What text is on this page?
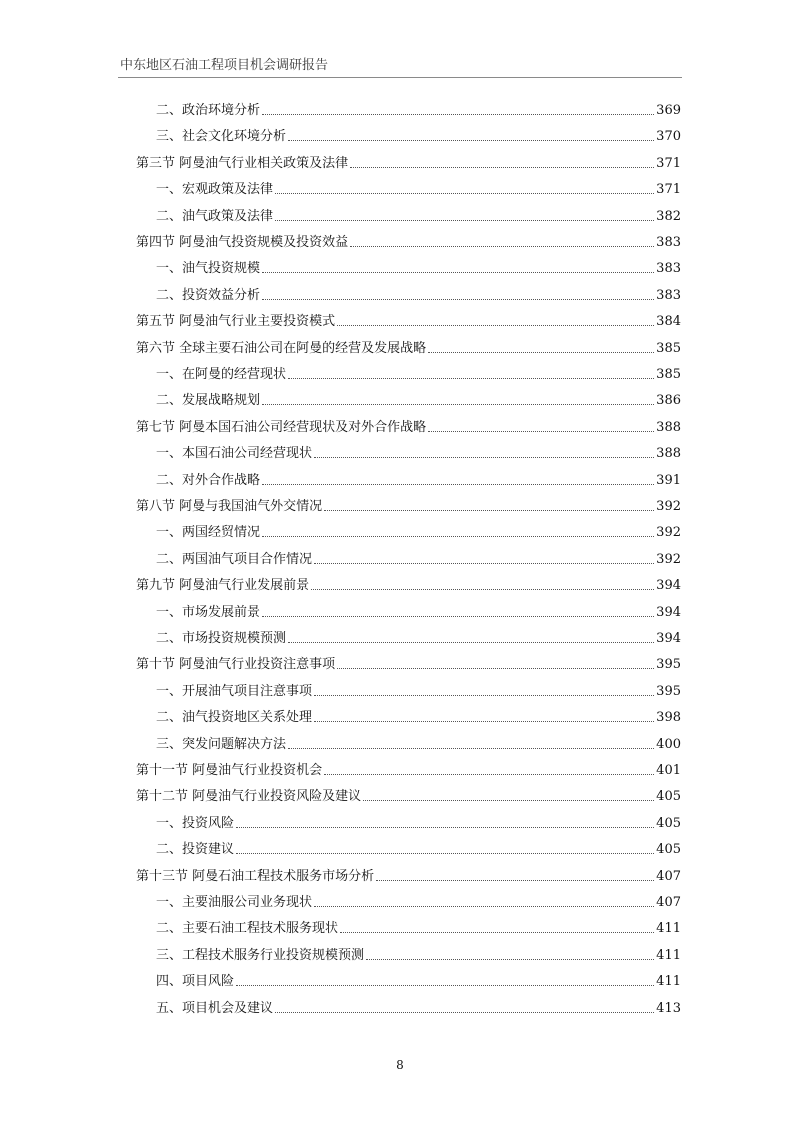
中东地区石油工程项目机会调研报告
二、政治环境分析	369
三、社会文化环境分析	370
第三节 阿曼油气行业相关政策及法律	371
一、宏观政策及法律	371
二、油气政策及法律	382
第四节 阿曼油气投资规模及投资效益	383
一、油气投资规模	383
二、投资效益分析	383
第五节 阿曼油气行业主要投资模式	384
第六节 全球主要石油公司在阿曼的经营及发展战略	385
一、在阿曼的经营现状	385
二、发展战略规划	386
第七节 阿曼本国石油公司经营现状及对外合作战略	388
一、本国石油公司经营现状	388
二、对外合作战略	391
第八节 阿曼与我国油气外交情况	392
一、两国经贸情况	392
二、两国油气项目合作情况	392
第九节 阿曼油气行业发展前景	394
一、市场发展前景	394
二、市场投资规模预测	394
第十节 阿曼油气行业投资注意事项	395
一、开展油气项目注意事项	395
二、油气投资地区关系处理	398
三、突发问题解决方法	400
第十一节 阿曼油气行业投资机会	401
第十二节 阿曼油气行业投资风险及建议	405
一、投资风险	405
二、投资建议	405
第十三节 阿曼石油工程技术服务市场分析	407
一、主要油服公司业务现状	407
二、主要石油工程技术服务现状	411
三、工程技术服务行业投资规模预测	411
四、项目风险	411
五、项目机会及建议	413
8
